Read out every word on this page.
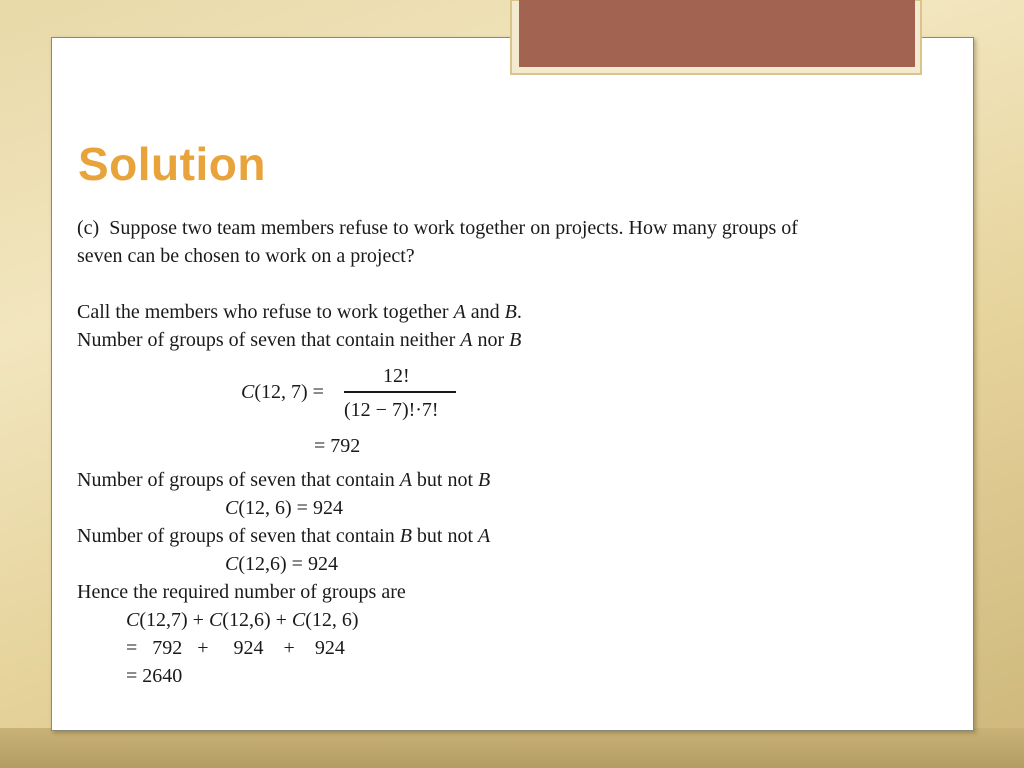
Solution
(c) Suppose two team members refuse to work together on projects. How many groups of
seven can be chosen to work on a project?
Call the members who refuse to work together A and B.
Number of groups of seven that contain neither A nor B
C(12, 7) =
12!
(12 − 7)!·7!
= 792
Number of groups of seven that contain A but not B
C(12, 6) = 924
Number of groups of seven that contain B but not A
C(12,6) = 924
Hence the required number of groups are
C(12,7) + C(12,6) + C(12, 6)
=   792   +     924    +    924
= 2640
